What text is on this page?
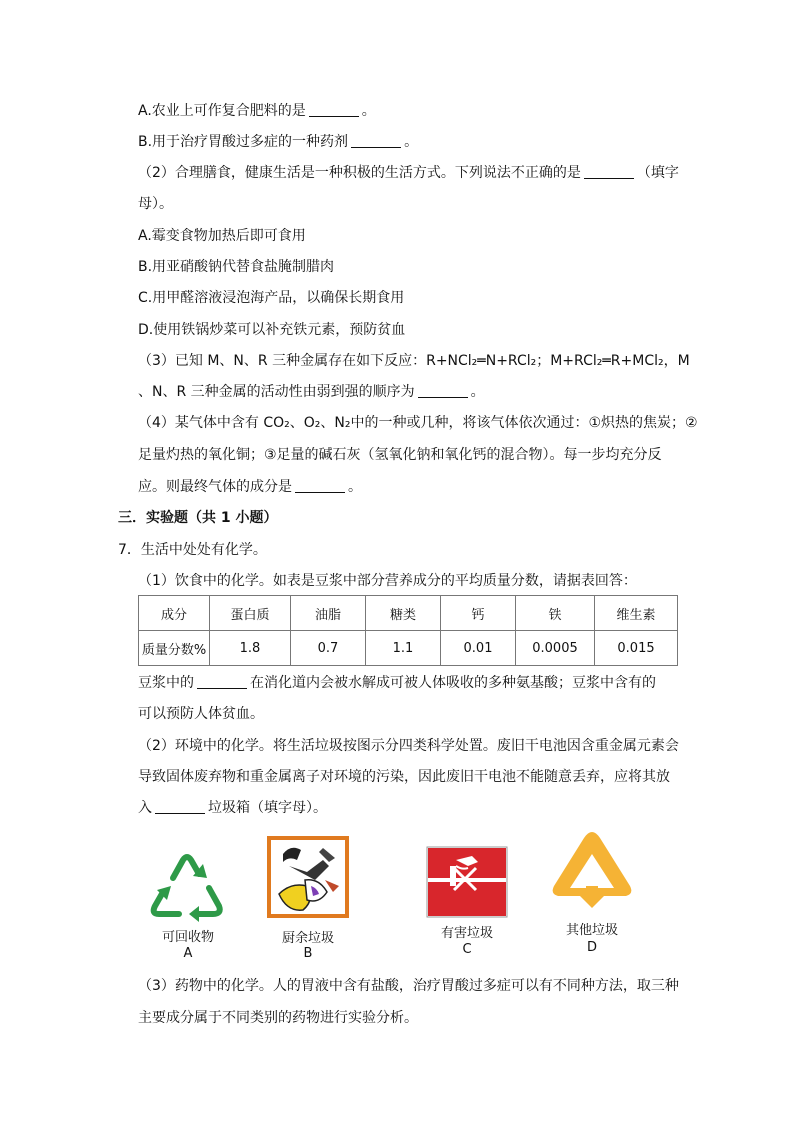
A.农业上可作复合肥料的是	。
B.用于治疗胃酸过多症的一种药剂	。
（2）合理膳食，健康生活是一种积极的生活方式。下列说法不正确的是	（填字
母）。
A.霉变食物加热后即可食用
B.用亚硝酸钠代替食盐腌制腊肉
C.用甲醛溶液浸泡海产品，以确保长期食用
D.使用铁锅炒菜可以补充铁元素，预防贫血
（3）已知 M、N、R 三种金属存在如下反应：R+NCl₂═N+RCl₂；M+RCl₂═R+MCl₂，M
、N、R 三种金属的活动性由弱到强的顺序为	。
（4）某气体中含有 CO₂、O₂、N₂中的一种或几种，将该气体依次通过：①炽热的焦炭；②
足量灼热的氧化铜；③足量的碱石灰（氢氧化钠和氧化钙的混合物）。每一步均充分反
应。则最终气体的成分是	。
三．实验题（共 1 小题）
7．生活中处处有化学。
（1）饮食中的化学。如表是豆浆中部分营养成分的平均质量分数，请据表回答：
成分	蛋白质	油脂	糖类	钙	铁	维生素
质量分数%	1.8	0.7	1.1	0.01	0.0005	0.015
豆浆中的	在消化道内会被水解成可被人体吸收的多种氨基酸；豆浆中含有的
可以预防人体贫血。
（2）环境中的化学。将生活垃圾按图示分四类科学处置。废旧干电池因含重金属元素会
导致固体废弃物和重金属离子对环境的污染，因此废旧干电池不能随意丢弃，应将其放
入	垃圾箱（填字母）。
可回收物
A
厨余垃圾
B
有害垃圾
C
其他垃圾
D
（3）药物中的化学。人的胃液中含有盐酸，治疗胃酸过多症可以有不同种方法，取三种
主要成分属于不同类别的药物进行实验分析。
